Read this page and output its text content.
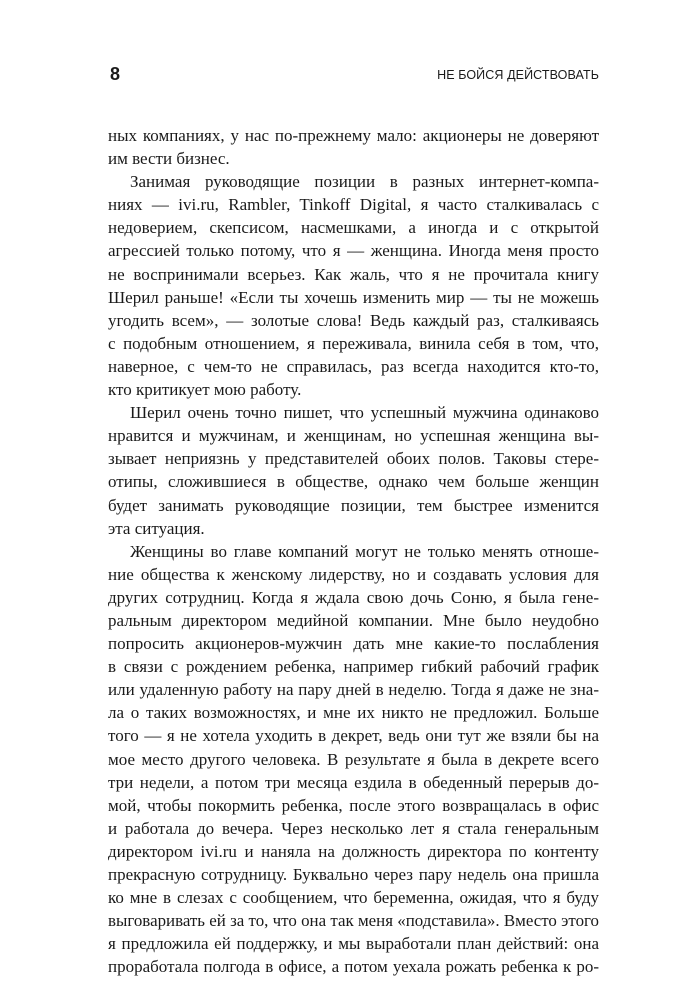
8	НЕ БОЙСЯ ДЕЙСТВОВАТЬ
ных компаниях, у нас по-прежнему мало: акционеры не доверяют
им вести бизнес.
Занимая руководящие позиции в разных интернет-компа-
ниях — ivi.ru, Rambler, Tinkoff Digital, я часто сталкивалась с
недоверием, скепсисом, насмешками, а иногда и с открытой
агрессией только потому, что я — женщина. Иногда меня просто
не воспринимали всерьез. Как жаль, что я не прочитала книгу
Шерил раньше! «Если ты хочешь изменить мир — ты не можешь
угодить всем», — золотые слова! Ведь каждый раз, сталкиваясь
с подобным отношением, я переживала, винила себя в том, что,
наверное, с чем-то не справилась, раз всегда находится кто-то,
кто критикует мою работу.
Шерил очень точно пишет, что успешный мужчина одинаково
нравится и мужчинам, и женщинам, но успешная женщина вы-
зывает неприязнь у представителей обоих полов. Таковы стере-
отипы, сложившиеся в обществе, однако чем больше женщин
будет занимать руководящие позиции, тем быстрее изменится
эта ситуация.
Женщины во главе компаний могут не только менять отноше-
ние общества к женскому лидерству, но и создавать условия для
других сотрудниц. Когда я ждала свою дочь Соню, я была гене-
ральным директором медийной компании. Мне было неудобно
попросить акционеров-мужчин дать мне какие-то послабления
в связи с рождением ребенка, например гибкий рабочий график
или удаленную работу на пару дней в неделю. Тогда я даже не зна-
ла о таких возможностях, и мне их никто не предложил. Больше
того — я не хотела уходить в декрет, ведь они тут же взяли бы на
мое место другого человека. В результате я была в декрете всего
три недели, а потом три месяца ездила в обеденный перерыв до-
мой, чтобы покормить ребенка, после этого возвращалась в офис
и работала до вечера. Через несколько лет я стала генеральным
директором ivi.ru и наняла на должность директора по контенту
прекрасную сотрудницу. Буквально через пару недель она пришла
ко мне в слезах с сообщением, что беременна, ожидая, что я буду
выговаривать ей за то, что она так меня «подставила». Вместо этого
я предложила ей поддержку, и мы выработали план действий: она
проработала полгода в офисе, а потом уехала рожать ребенка к ро-
